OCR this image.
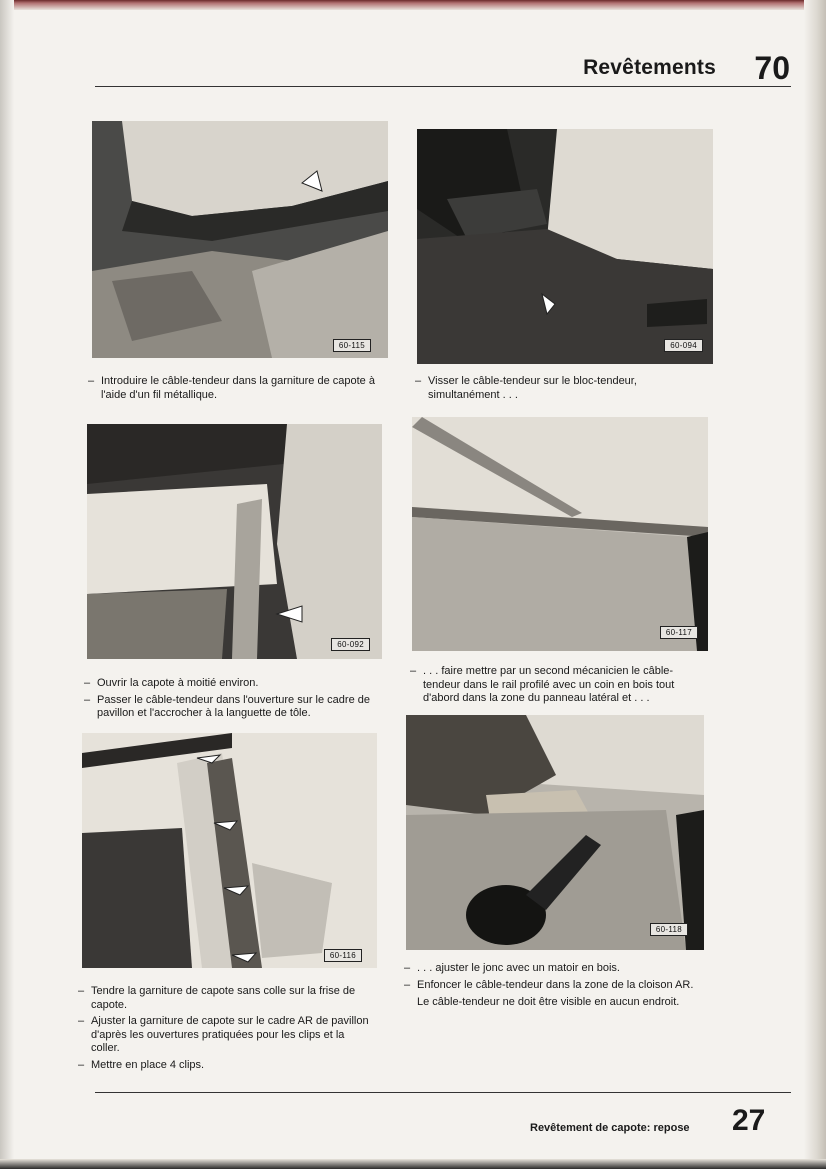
Revêtements 70
60-115	60-094
– Introduire le câble-tendeur dans la garniture de capote à l'aide d'un fil métallique.
– Visser le câble-tendeur sur le bloc-tendeur, simultanément . . .
60-092
60-117
– Ouvrir la capote à moitié environ.
– Passer le câble-tendeur dans l'ouverture sur le cadre de pavillon et l'accrocher à la languette de tôle.
– . . . faire mettre par un second mécanicien le câble-tendeur dans le rail profilé avec un coin en bois tout d'abord dans la zone du panneau latéral et . . .
60-116
60-118
– Tendre la garniture de capote sans colle sur la frise de capote.
– Ajuster la garniture de capote sur le cadre AR de pavillon d'après les ouvertures pratiquées pour les clips et la coller.
– Mettre en place 4 clips.
– . . . ajuster le jonc avec un matoir en bois.
– Enfoncer le câble-tendeur dans la zone de la cloison AR.
Le câble-tendeur ne doit être visible en aucun endroit.
Revêtement de capote: repose 27
